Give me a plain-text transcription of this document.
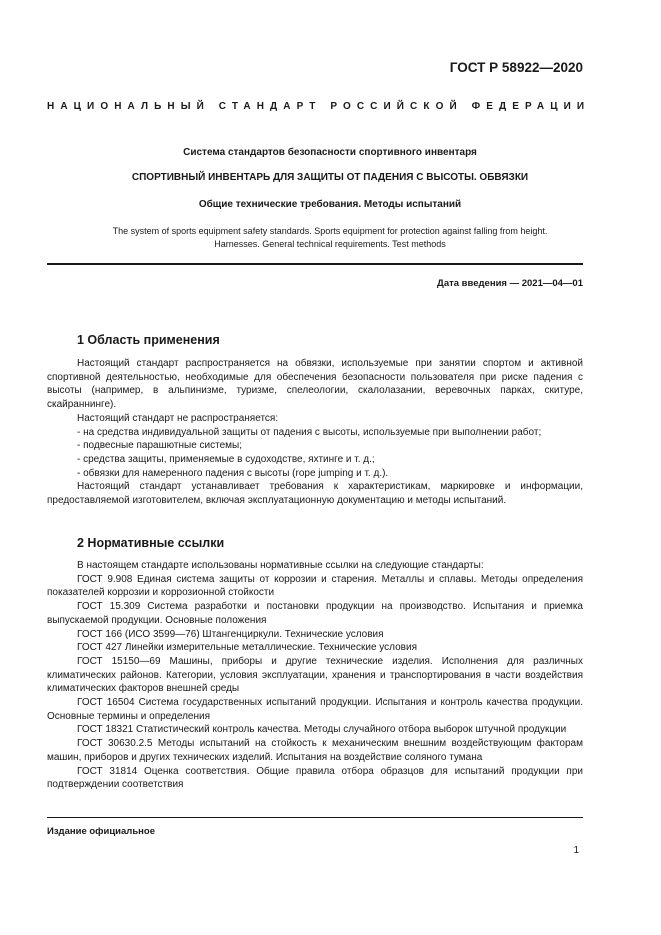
ГОСТ Р 58922—2020
НАЦИОНАЛЬНЫЙ СТАНДАРТ РОССИЙСКОЙ ФЕДЕРАЦИИ
Система стандартов безопасности спортивного инвентаря
СПОРТИВНЫЙ ИНВЕНТАРЬ ДЛЯ ЗАЩИТЫ ОТ ПАДЕНИЯ С ВЫСОТЫ. ОБВЯЗКИ
Общие технические требования. Методы испытаний
The system of sports equipment safety standards. Sports equipment for protection against falling from height.
Harnesses. General technical requirements. Test methods
Дата введения — 2021—04—01
1 Область применения

Настоящий стандарт распространяется на обвязки, используемые при занятии спортом и активной спортивной деятельностью, необходимые для обеспечения безопасности пользователя при риске падения с высоты (например, в альпинизме, туризме, спелеологии, скалолазании, веревочных парках, скитуре, скайраннинге).

Настоящий стандарт не распространяется:

- на средства индивидуальной защиты от падения с высоты, используемые при выполнении работ;

- подвесные парашютные системы;

- средства защиты, применяемые в судоходстве, яхтинге и т. д.;

- обвязки для намеренного падения с высоты (rope jumping и т. д.).

Настоящий стандарт устанавливает требования к характеристикам, маркировке и информации, предоставляемой изготовителем, включая эксплуатационную документацию и методы испытаний.

2 Нормативные ссылки

В настоящем стандарте использованы нормативные ссылки на следующие стандарты:

ГОСТ 9.908 Единая система защиты от коррозии и старения. Металлы и сплавы. Методы определения показателей коррозии и коррозионной стойкости

ГОСТ 15.309 Система разработки и постановки продукции на производство. Испытания и приемка выпускаемой продукции. Основные положения

ГОСТ 166 (ИСО 3599—76) Штангенциркули. Технические условия

ГОСТ 427 Линейки измерительные металлические. Технические условия

ГОСТ 15150—69 Машины, приборы и другие технические изделия. Исполнения для различных климатических районов. Категории, условия эксплуатации, хранения и транспортирования в части воздействия климатических факторов внешней среды

ГОСТ 16504 Система государственных испытаний продукции. Испытания и контроль качества продукции. Основные термины и определения

ГОСТ 18321 Статистический контроль качества. Методы случайного отбора выборок штучной продукции

ГОСТ 30630.2.5 Методы испытаний на стойкость к механическим внешним воздействующим факторам машин, приборов и других технических изделий. Испытания на воздействие соляного тумана

ГОСТ 31814 Оценка соответствия. Общие правила отбора образцов для испытаний продукции при подтверждении соответствия

Издание официальное
1
